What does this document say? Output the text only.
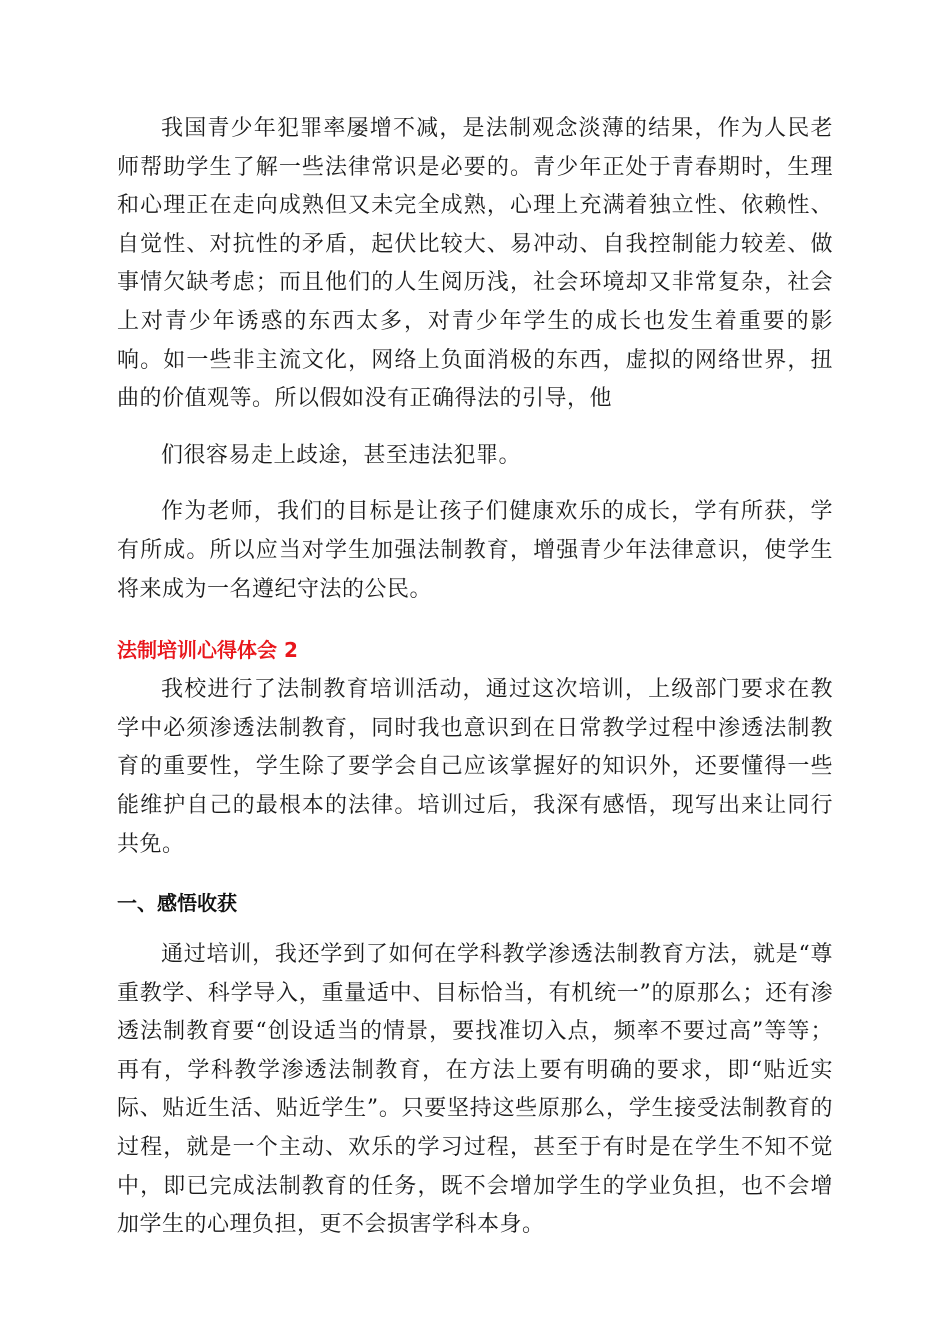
我国青少年犯罪率屡增不减，是法制观念淡薄的结果，作为人民老师帮助学生了解一些法律常识是必要的。青少年正处于青春期时，生理和心理正在走向成熟但又未完全成熟，心理上充满着独立性、依赖性、自觉性、对抗性的矛盾，起伏比较大、易冲动、自我控制能力较差、做事情欠缺考虑；而且他们的人生阅历浅，社会环境却又非常复杂，社会上对青少年诱惑的东西太多，对青少年学生的成长也发生着重要的影响。如一些非主流文化，网络上负面消极的东西，虚拟的网络世界，扭曲的价值观等。所以假如没有正确得法的引导，他

们很容易走上歧途，甚至违法犯罪。

作为老师，我们的目标是让孩子们健康欢乐的成长，学有所获，学有所成。所以应当对学生加强法制教育，增强青少年法律意识，使学生将来成为一名遵纪守法的公民。

法制培训心得体会 2

我校进行了法制教育培训活动，通过这次培训，上级部门要求在教学中必须渗透法制教育，同时我也意识到在日常教学过程中渗透法制教育的重要性，学生除了要学会自己应该掌握好的知识外，还要懂得一些能维护自己的最根本的法律。培训过后，我深有感悟，现写出来让同行共免。

一、感悟收获

通过培训，我还学到了如何在学科教学渗透法制教育方法，就是“尊重教学、科学导入，重量适中、目标恰当，有机统一”的原那么；还有渗透法制教育要“创设适当的情景，要找准切入点，频率不要过高”等等；再有，学科教学渗透法制教育，在方法上要有明确的要求，即“贴近实际、贴近生活、贴近学生”。只要坚持这些原那么，学生接受法制教育的过程，就是一个主动、欢乐的学习过程，甚至于有时是在学生不知不觉中，即已完成法制教育的任务，既不会增加学生的学业负担，也不会增加学生的心理负担，更不会损害学科本身。
